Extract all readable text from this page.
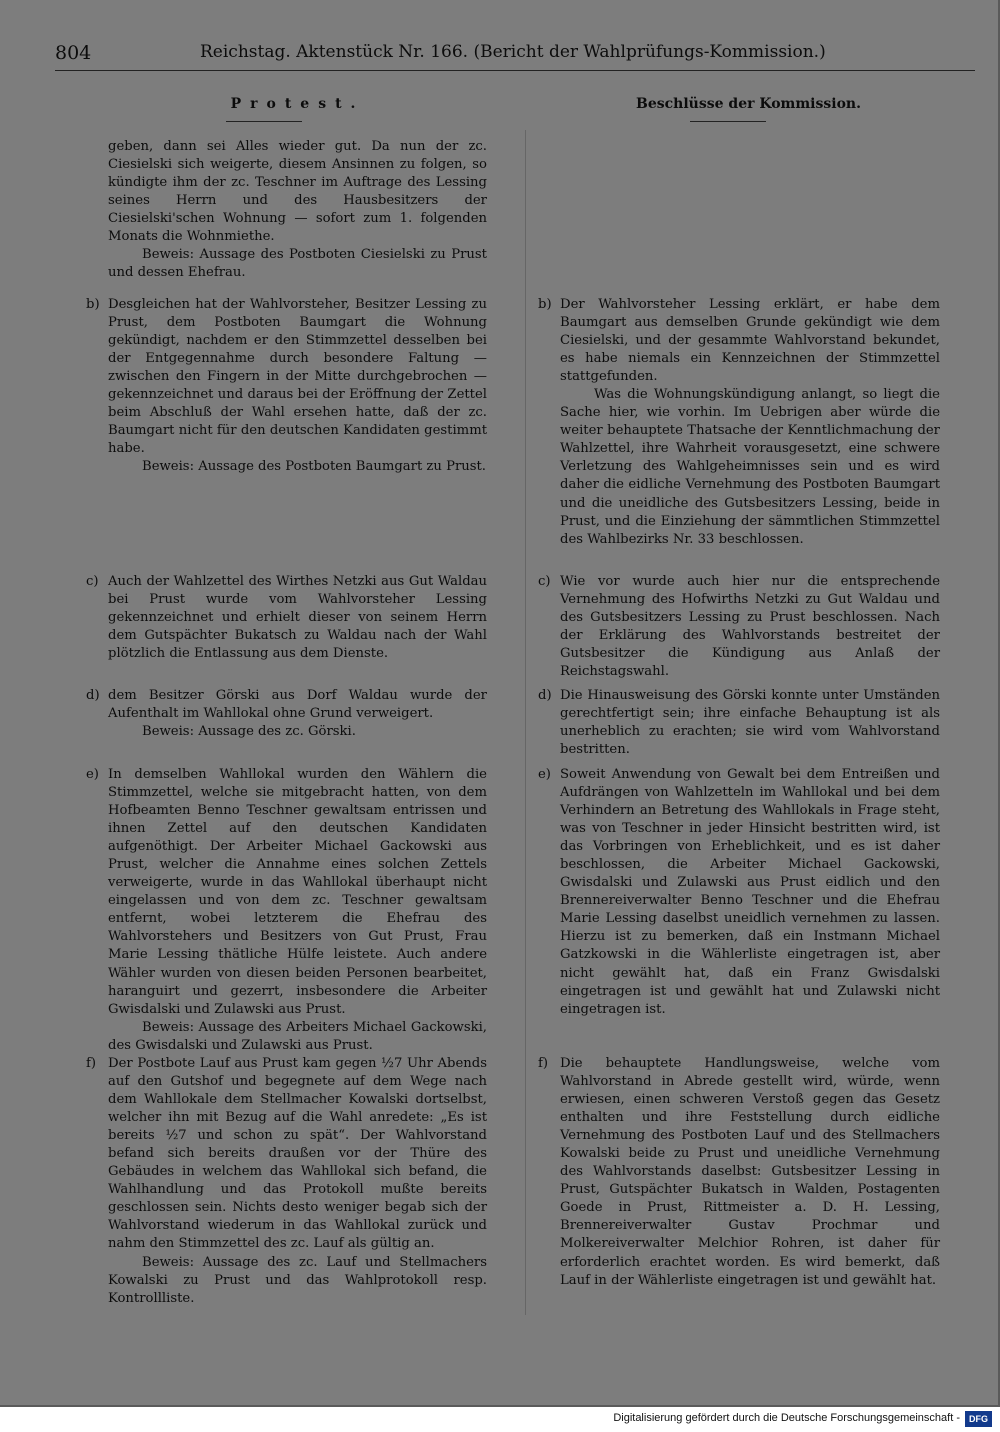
804	Reichstag. Aktenstück Nr. 166. (Bericht der Wahlprüfungs-Kommission.)
Protest.	Beschlüsse der Kommission.
geben, dann sei Alles wieder gut. Da nun der zc. Ciesielski sich weigerte, diesem Ansinnen zu folgen, so kündigte ihm der zc. Teschner im Auftrage des Lessing seines Herrn und des Hausbesitzers der Ciesielski'schen Wohnung — sofort zum 1. folgenden Monats die Wohnmiethe.
Beweis: Aussage des Postboten Ciesielski zu Prust und dessen Ehefrau.
b) Desgleichen hat der Wahlvorsteher, Besitzer Lessing zu Prust, dem Postboten Baumgart die Wohnung gekündigt, nachdem er den Stimmzettel desselben bei der Entgegennahme durch besondere Faltung — zwischen den Fingern in der Mitte durchgebrochen — gekennzeichnet und daraus bei der Eröffnung der Zettel beim Abschluß der Wahl ersehen hatte, daß der zc. Baumgart nicht für den deutschen Kandidaten gestimmt habe.
Beweis: Aussage des Postboten Baumgart zu Prust.
c) Auch der Wahlzettel des Wirthes Netzki aus Gut Waldau bei Prust wurde vom Wahlvorsteher Lessing gekennzeichnet und erhielt dieser von seinem Herrn dem Gutspächter Bukatsch zu Waldau nach der Wahl plötzlich die Entlassung aus dem Dienste.
d) dem Besitzer Görski aus Dorf Waldau wurde der Aufenthalt im Wahllokal ohne Grund verweigert.
Beweis: Aussage des zc. Görski.
e) In demselben Wahllokal wurden den Wählern die Stimmzettel, welche sie mitgebracht hatten, von dem Hofbeamten Benno Teschner gewaltsam entrissen und ihnen Zettel auf den deutschen Kandidaten aufgenöthigt. Der Arbeiter Michael Gackowski aus Prust, welcher die Annahme eines solchen Zettels verweigerte, wurde in das Wahllokal überhaupt nicht eingelassen und von dem zc. Teschner gewaltsam entfernt, wobei letzterem die Ehefrau des Wahlvorstehers und Besitzers von Gut Prust, Frau Marie Lessing thätliche Hülfe leistete. Auch andere Wähler wurden von diesen beiden Personen bearbeitet, haranguirt und gezerrt, insbesondere die Arbeiter Gwisdalski und Zulawski aus Prust.
Beweis: Aussage des Arbeiters Michael Gackowski, des Gwisdalski und Zulawski aus Prust.
f) Der Postbote Lauf aus Prust kam gegen ½7 Uhr Abends auf den Gutshof und begegnete auf dem Wege nach dem Wahllokale dem Stellmacher Kowalski dortselbst, welcher ihn mit Bezug auf die Wahl anredete: „Es ist bereits ½7 und schon zu spät“. Der Wahlvorstand befand sich bereits draußen vor der Thüre des Gebäudes in welchem das Wahllokal sich befand, die Wahlhandlung und das Protokoll mußte bereits geschlossen sein. Nichts desto weniger begab sich der Wahlvorstand wiederum in das Wahllokal zurück und nahm den Stimmzettel des zc. Lauf als gültig an.
Beweis: Aussage des zc. Lauf und Stellmachers Kowalski zu Prust und das Wahlprotokoll resp. Kontrollliste.
b) Der Wahlvorsteher Lessing erklärt, er habe dem Baumgart aus demselben Grunde gekündigt wie dem Ciesielski, und der gesammte Wahlvorstand bekundet, es habe niemals ein Kennzeichnen der Stimmzettel stattgefunden.
Was die Wohnungskündigung anlangt, so liegt die Sache hier, wie vorhin. Im Uebrigen aber würde die weiter behauptete Thatsache der Kenntlichmachung der Wahlzettel, ihre Wahrheit vorausgesetzt, eine schwere Verletzung des Wahlgeheimnisses sein und es wird daher die eidliche Vernehmung des Postboten Baumgart und die uneidliche des Gutsbesitzers Lessing, beide in Prust, und die Einziehung der sämmtlichen Stimmzettel des Wahlbezirks Nr. 33 beschlossen.
c) Wie vor wurde auch hier nur die entsprechende Vernehmung des Hofwirths Netzki zu Gut Waldau und des Gutsbesitzers Lessing zu Prust beschlossen. Nach der Erklärung des Wahlvorstands bestreitet der Gutsbesitzer die Kündigung aus Anlaß der Reichstagswahl.
d) Die Hinausweisung des Görski konnte unter Umständen gerechtfertigt sein; ihre einfache Behauptung ist als unerheblich zu erachten; sie wird vom Wahlvorstand bestritten.
e) Soweit Anwendung von Gewalt bei dem Entreißen und Aufdrängen von Wahlzetteln im Wahllokal und bei dem Verhindern an Betretung des Wahllokals in Frage steht, was von Teschner in jeder Hinsicht bestritten wird, ist das Vorbringen von Erheblichkeit, und es ist daher beschlossen, die Arbeiter Michael Gackowski, Gwisdalski und Zulawski aus Prust eidlich und den Brennereiverwalter Benno Teschner und die Ehefrau Marie Lessing daselbst uneidlich vernehmen zu lassen. Hierzu ist zu bemerken, daß ein Instmann Michael Gatzkowski in die Wählerliste eingetragen ist, aber nicht gewählt hat, daß ein Franz Gwisdalski eingetragen ist und gewählt hat und Zulawski nicht eingetragen ist.
f) Die behauptete Handlungsweise, welche vom Wahlvorstand in Abrede gestellt wird, würde, wenn erwiesen, einen schweren Verstoß gegen das Gesetz enthalten und ihre Feststellung durch eidliche Vernehmung des Postboten Lauf und des Stellmachers Kowalski beide zu Prust und uneidliche Vernehmung des Wahlvorstands daselbst: Gutsbesitzer Lessing in Prust, Gutspächter Bukatsch in Walden, Postagenten Goede in Prust, Rittmeister a. D. H. Lessing, Brennereiverwalter Gustav Prochmar und Molkereiverwalter Melchior Rohren, ist daher für erforderlich erachtet worden. Es wird bemerkt, daß Lauf in der Wählerliste eingetragen ist und gewählt hat.
Digitalisierung gefördert durch die Deutsche Forschungsgemeinschaft -	DFG
